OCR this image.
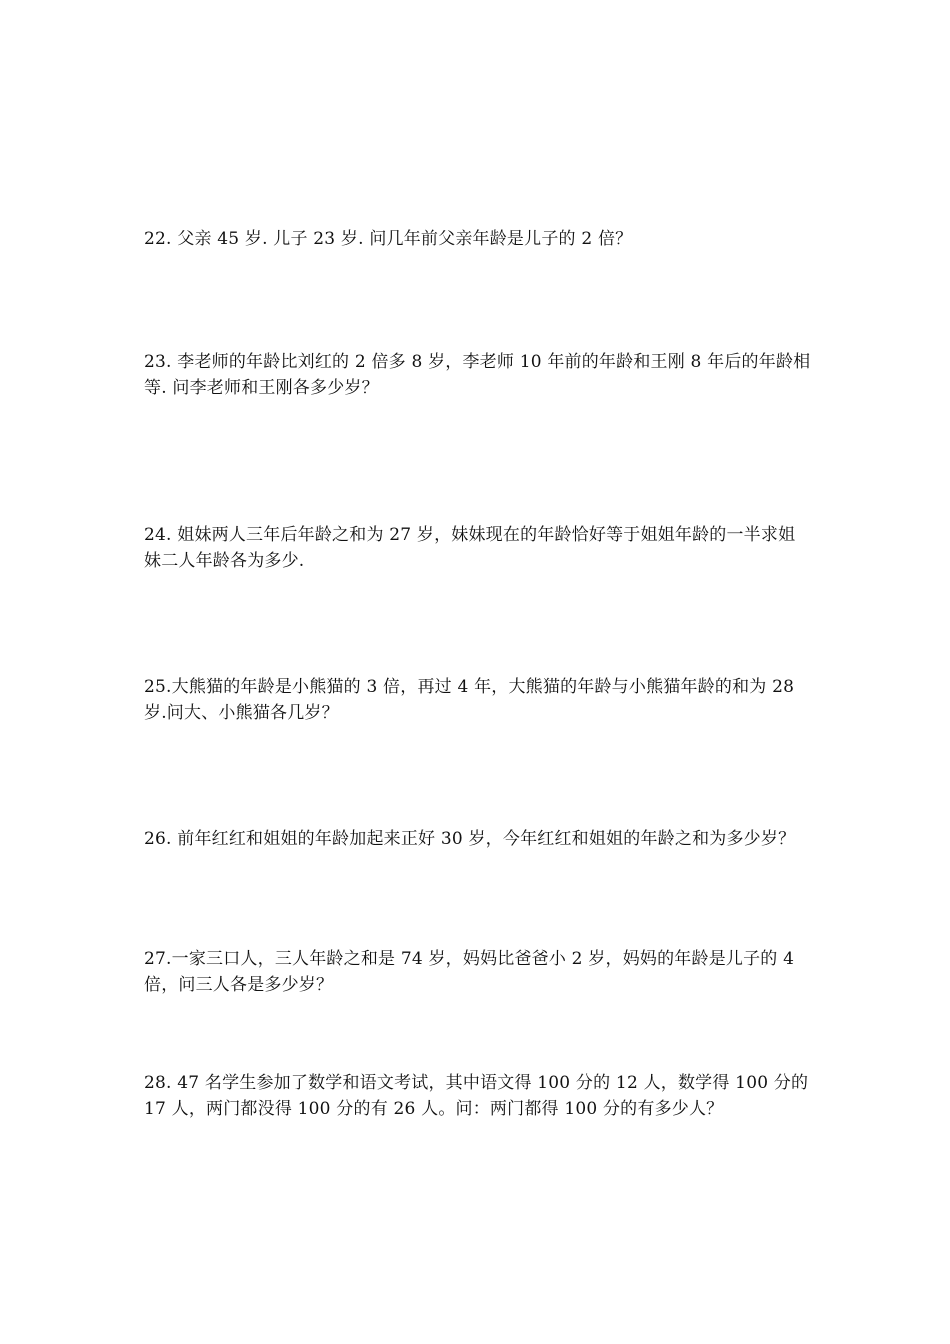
22. 父亲 45 岁. 儿子 23 岁. 问几年前父亲年龄是儿子的 2 倍？

23. 李老师的年龄比刘红的 2 倍多 8 岁，李老师 10 年前的年龄和王刚 8 年后的年龄相等. 问李老师和王刚各多少岁？

24. 姐妹两人三年后年龄之和为 27 岁，妹妹现在的年龄恰好等于姐姐年龄的一半求姐妹二人年龄各为多少.

25.大熊猫的年龄是小熊猫的 3 倍，再过 4 年，大熊猫的年龄与小熊猫年龄的和为 28 岁.问大、小熊猫各几岁？

26. 前年红红和姐姐的年龄加起来正好 30 岁，今年红红和姐姐的年龄之和为多少岁？

27.一家三口人，三人年龄之和是 74 岁，妈妈比爸爸小 2 岁，妈妈的年龄是儿子的 4 倍，问三人各是多少岁？

28. 47 名学生参加了数学和语文考试，其中语文得 100 分的 12 人，数学得 100 分的 17 人，两门都没得 100 分的有 26 人。问：两门都得 100 分的有多少人？
